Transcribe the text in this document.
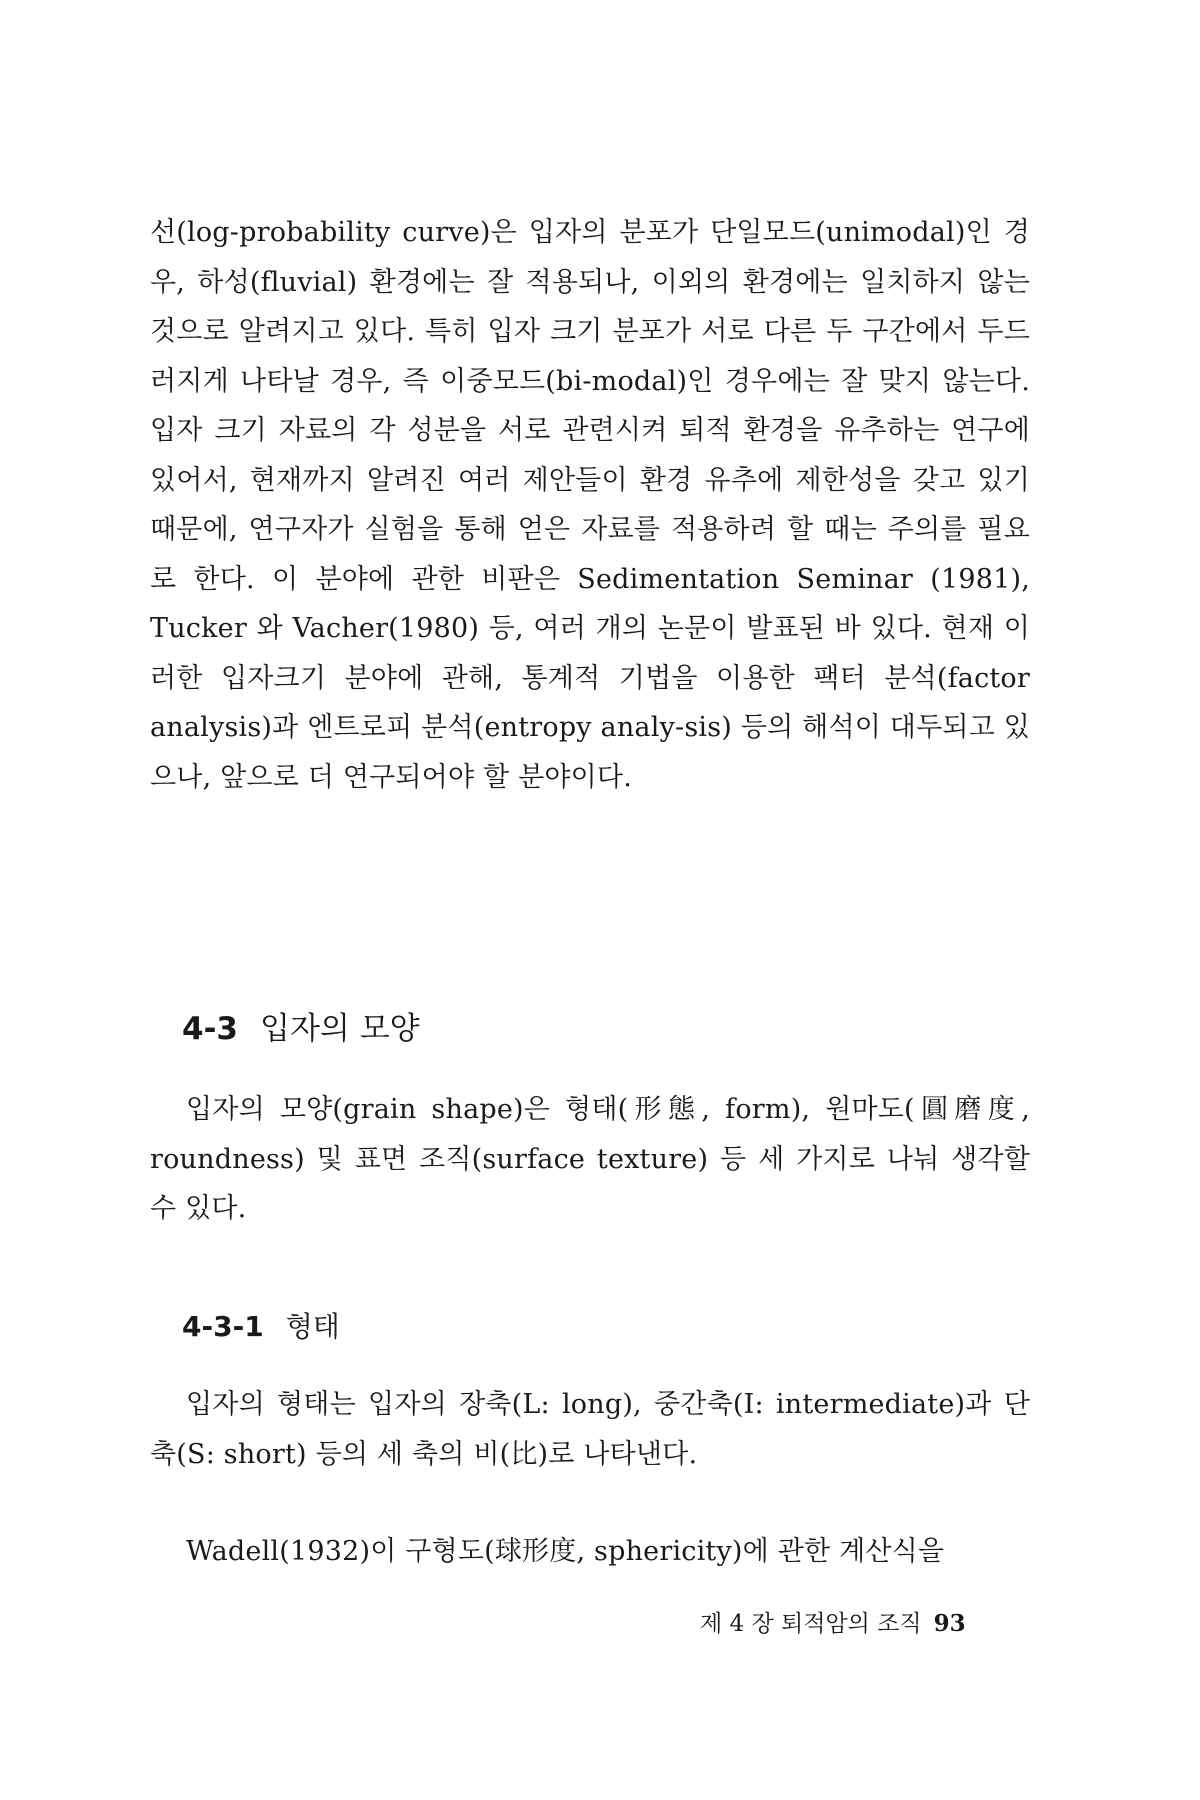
선(log-probability curve)은 입자의 분포가 단일모드(unimodal)인 경우, 하성(fluvial) 환경에는 잘 적용되나, 이외의 환경에는 일치하지 않는 것으로 알려지고 있다. 특히 입자 크기 분포가 서로 다른 두 구간에서 두드러지게 나타날 경우, 즉 이중모드(bi-modal)인 경우에는 잘 맞지 않는다. 입자 크기 자료의 각 성분을 서로 관련시켜 퇴적 환경을 유추하는 연구에 있어서, 현재까지 알려진 여러 제안들이 환경 유추에 제한성을 갖고 있기 때문에, 연구자가 실험을 통해 얻은 자료를 적용하려 할 때는 주의를 필요로 한다. 이 분야에 관한 비판은 Sedimentation Seminar (1981), Tucker 와 Vacher(1980) 등, 여러 개의 논문이 발표된 바 있다. 현재 이러한 입자크기 분야에 관해, 통계적 기법을 이용한 팩터 분석(factor analysis)과 엔트로피 분석(entropy analy-sis) 등의 해석이 대두되고 있으나, 앞으로 더 연구되어야 할 분야이다.

4-3 입자의 모양

입자의 모양(grain shape)은 형태(形態, form), 원마도(圓磨度, roundness) 및 표면 조직(surface texture) 등 세 가지로 나눠 생각할 수 있다.

4-3-1 형태

입자의 형태는 입자의 장축(L: long), 중간축(I: intermediate)과 단축(S: short) 등의 세 축의 비(比)로 나타낸다.

Wadell(1932)이 구형도(球形度, sphericity)에 관한 계산식을

제 4 장 퇴적암의 조직 93
